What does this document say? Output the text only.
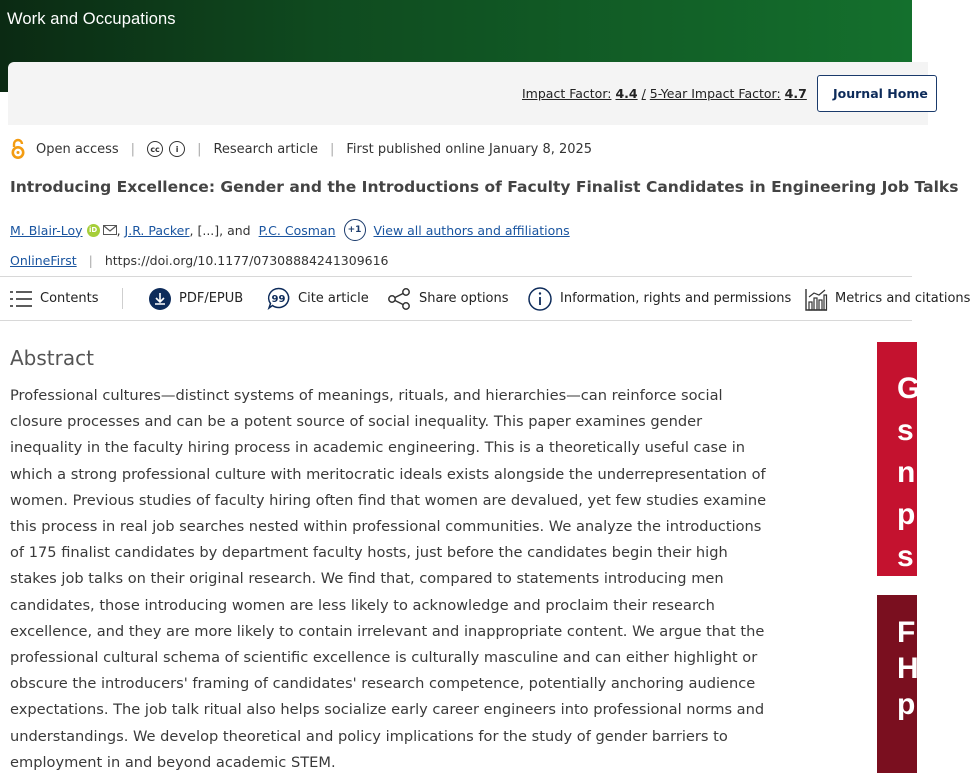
Work and Occupations
Impact Factor: 4.4 / 5-Year Impact Factor: 4.7	Journal Home
Open access |	cc	i	| Research article | First published online January 8, 2025
Introducing Excellence: Gender and the Introductions of Faculty Finalist Candidates in Engineering Job Talks
M. Blair-Loy iD ,
J.R. Packer , [...], and P.C. Cosman	+1 View all authors and affiliations
OnlineFirst | https://doi.org/10.1177/07308884241309616
Contents	PDF/EPUB	99 Cite article	Share options	Information, rights and permissions	Metrics and citations
Abstract

Professional cultures—distinct systems of meanings, rituals, and hierarchies—can reinforce social closure processes and can be a potent source of social inequality. This paper examines gender inequality in the faculty hiring process in academic engineering. This is a theoretically useful case in which a strong professional culture with meritocratic ideals exists alongside the underrepresentation of women. Previous studies of faculty hiring often find that women are devalued, yet few studies examine this process in real job searches nested within professional communities. We analyze the introductions of 175 finalist candidates by department faculty hosts, just before the candidates begin their high stakes job talks on their original research. We find that, compared to statements introducing men candidates, those introducing women are less likely to acknowledge and proclaim their research excellence, and they are more likely to contain irrelevant and inappropriate content. We argue that the professional cultural schema of scientific excellence is culturally masculine and can either highlight or obscure the introducers' framing of candidates' research competence, potentially anchoring audience expectations. The job talk ritual also helps socialize early career engineers into professional norms and understandings. We develop theoretical and policy implications for the study of gender barriers to employment in and beyond academic STEM.

G
s
n
p
s
F
H
p
